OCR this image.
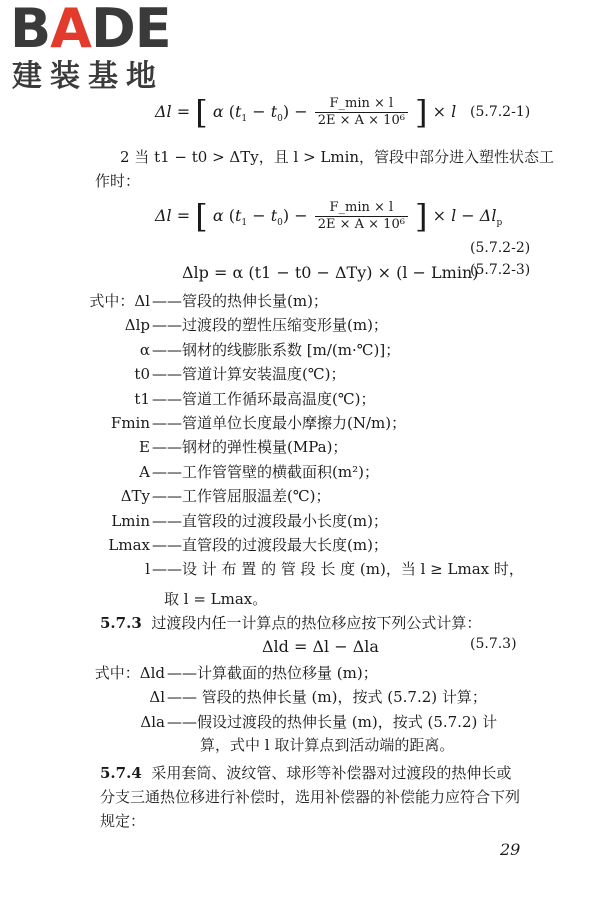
BADE
建装基地
Δl = [ α $(t_1 - t_0) - \frac{F\_\min \times l}{\text{2E × A × 10⁶}}$ ] × l (5.7.2-1)
2 当 t1 − t0 > ΔTy，且 l > Lmin，管段中部分进入塑性状态工
作时：
Δl = [ α $(t_1 - t_0) - \frac{F\_\min \times l}{\text{2E × A × 10⁶}}$ ] × $l - \Delta l_p$
(5.7.2-2)
Δlp = α (t1 − t0 − ΔTy) × (l − Lmin)
(5.7.2-3)
式中：Δl ——管段的热伸长量(m)；
Δlp ——过渡段的塑性压缩变形量(m)；
α ——钢材的线膨胀系数 [m/(m·℃)]；
t0 ——管道计算安装温度(℃)；
t1 ——管道工作循环最高温度(℃)；
Fmin ——管道单位长度最小摩擦力(N/m)；
E ——钢材的弹性模量(MPa)；
A ——工作管管壁的横截面积(m²)；
ΔTy ——工作管屈服温差(℃)；
Lmin ——直管段的过渡段最小长度(m)；
Lmax ——直管段的过渡段最大长度(m)；
l ——设 计 布 置 的 管 段 长 度 (m)，当 l ≥ Lmax 时，
取 l = Lmax。
5.7.3 过渡段内任一计算点的热位移应按下列公式计算：
Δld = Δl − Δla	(5.7.3)
式中：Δld ——计算截面的热位移量 (m)；
Δl —— 管段的热伸长量 (m)，按式 (5.7.2) 计算；
Δla ——假设过渡段的热伸长量 (m)，按式 (5.7.2) 计
算，式中 l 取计算点到活动端的距离。
5.7.4 采用套筒、波纹管、球形等补偿器对过渡段的热伸长或
分支三通热位移进行补偿时，选用补偿器的补偿能力应符合下列
规定：
29
